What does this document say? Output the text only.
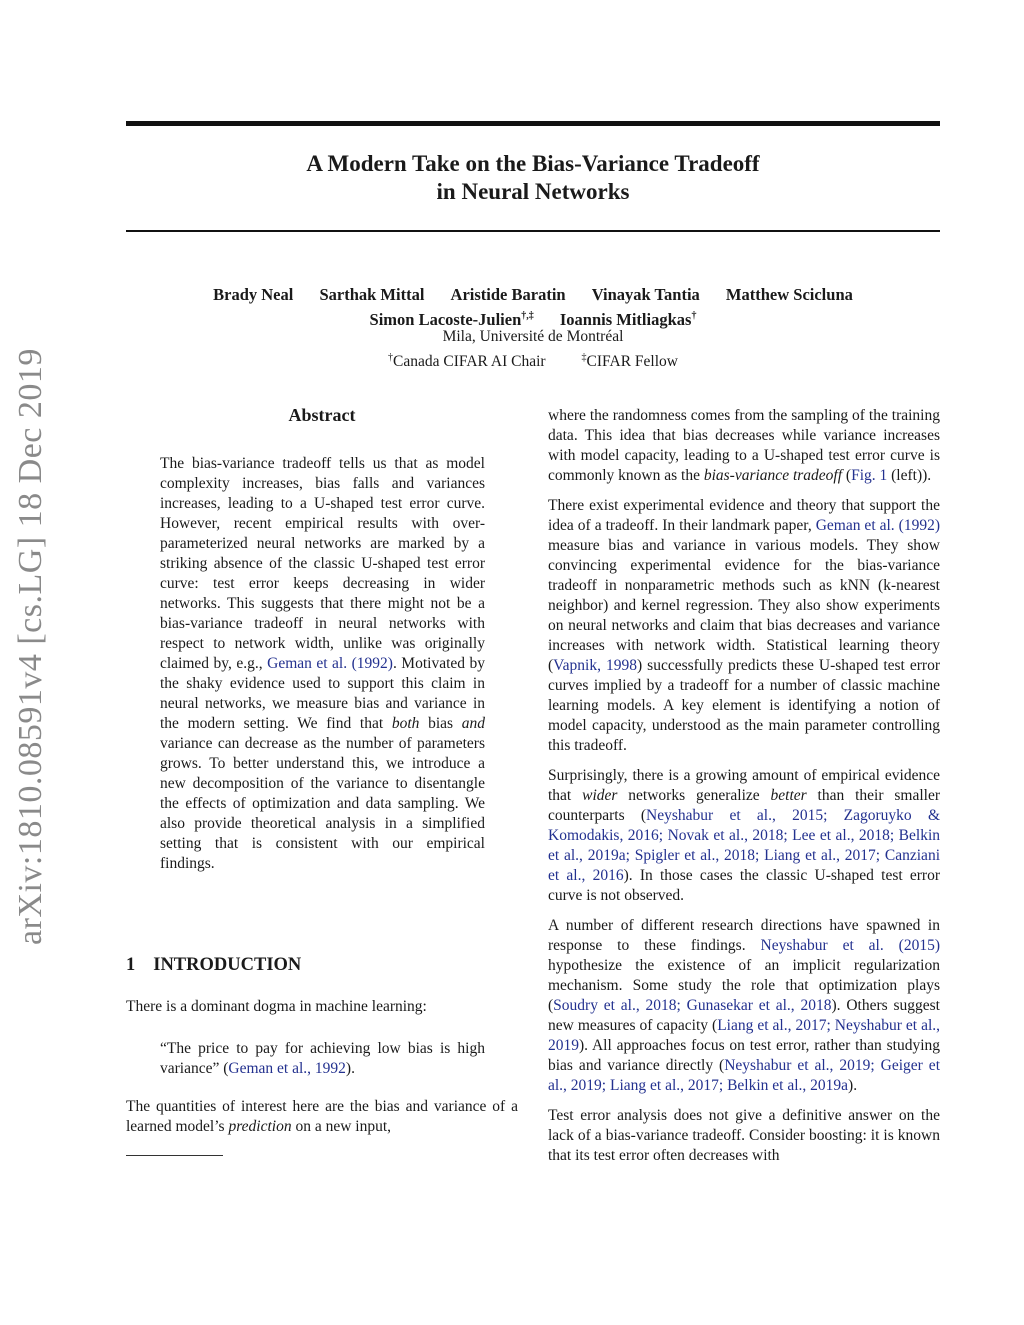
A Modern Take on the Bias-Variance Tradeoff
in Neural Networks
Brady Neal Sarthak Mittal Aristide Baratin Vinayak Tantia Matthew Scicluna
Simon Lacoste-Julien†,‡ Ioannis Mitliagkas†
Mila, Université de Montréal
†Canada CIFAR AI Chair	‡CIFAR Fellow
arXiv:1810.08591v4 [cs.LG] 18 Dec 2019	Abstract
The bias-variance tradeoff tells us that as model complexity increases, bias falls and variances increases, leading to a U-shaped test error curve. However, recent empirical results with over-parameterized neural networks are marked by a striking absence of the classic U-shaped test error curve: test error keeps decreasing in wider networks. This suggests that there might not be a bias-variance tradeoff in neural networks with respect to network width, unlike was originally claimed by, e.g., Geman et al. (1992). Motivated by the shaky evidence used to support this claim in neural networks, we measure bias and variance in the modern setting. We find that both bias and variance can decrease as the number of parameters grows. To better understand this, we introduce a new decomposition of the variance to disentangle the effects of optimization and data sampling. We also provide theoretical analysis in a simplified setting that is consistent with our empirical findings.
1 INTRODUCTION

There is a dominant dogma in machine learning:

“The price to pay for achieving low bias is high variance” (Geman et al., 1992).

The quantities of interest here are the bias and variance of a learned model’s prediction on a new input,

where the randomness comes from the sampling of the training data. This idea that bias decreases while variance increases with model capacity, leading to a U-shaped test error curve is commonly known as the bias-variance tradeoff (Fig. 1 (left)).

There exist experimental evidence and theory that support the idea of a tradeoff. In their landmark paper, Geman et al. (1992) measure bias and variance in various models. They show convincing experimental evidence for the bias-variance tradeoff in nonparametric methods such as kNN (k-nearest neighbor) and kernel regression. They also show experiments on neural networks and claim that bias decreases and variance increases with network width. Statistical learning theory (Vapnik, 1998) successfully predicts these U-shaped test error curves implied by a tradeoff for a number of classic machine learning models. A key element is identifying a notion of model capacity, understood as the main parameter controlling this tradeoff.

Surprisingly, there is a growing amount of empirical evidence that wider networks generalize better than their smaller counterparts (Neyshabur et al., 2015; Zagoruyko & Komodakis, 2016; Novak et al., 2018; Lee et al., 2018; Belkin et al., 2019a; Spigler et al., 2018; Liang et al., 2017; Canziani et al., 2016). In those cases the classic U-shaped test error curve is not observed.

A number of different research directions have spawned in response to these findings. Neyshabur et al. (2015) hypothesize the existence of an implicit regularization mechanism. Some study the role that optimization plays (Soudry et al., 2018; Gunasekar et al., 2018). Others suggest new measures of capacity (Liang et al., 2017; Neyshabur et al., 2019). All approaches focus on test error, rather than studying bias and variance directly (Neyshabur et al., 2019; Geiger et al., 2019; Liang et al., 2017; Belkin et al., 2019a).

Test error analysis does not give a definitive answer on the lack of a bias-variance tradeoff. Consider boosting: it is known that its test error often decreases with
